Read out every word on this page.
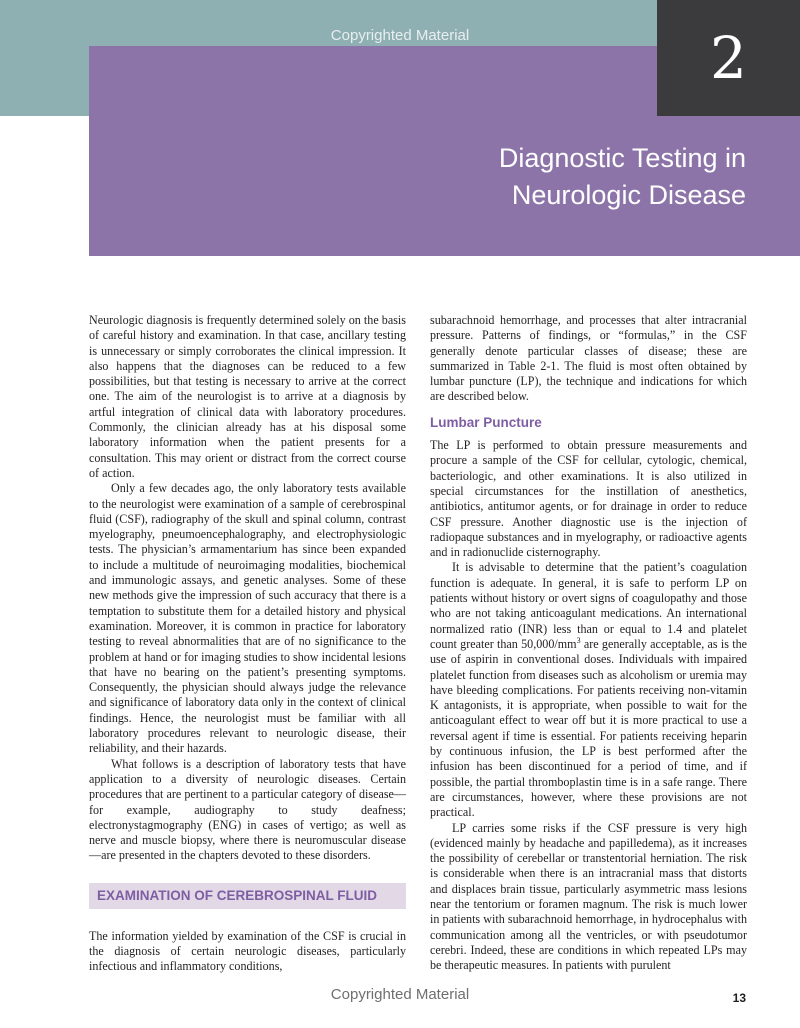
2
Copyrighted Material
Diagnostic Testing in
Neurologic Disease

Neurologic diagnosis is frequently determined solely on the basis of careful history and examination. In that case, ancillary testing is unnecessary or simply corroborates the clinical impression. It also happens that the diagnoses can be reduced to a few possibilities, but that testing is necessary to arrive at the correct one. The aim of the neurologist is to arrive at a diagnosis by artful integration of clinical data with laboratory procedures. Commonly, the clinician already has at his disposal some laboratory information when the patient presents for a consultation. This may orient or distract from the correct course of action.

Only a few decades ago, the only laboratory tests available to the neurologist were examination of a sample of cerebrospinal fluid (CSF), radiography of the skull and spinal column, contrast myelography, pneumoencephalography, and electrophysiologic tests. The physician’s armamentarium has since been expanded to include a multitude of neuroimaging modalities, biochemical and immunologic assays, and genetic analyses. Some of these new methods give the impression of such accuracy that there is a temptation to substitute them for a detailed history and physical examination. Moreover, it is common in practice for laboratory testing to reveal abnormalities that are of no significance to the problem at hand or for imaging studies to show incidental lesions that have no bearing on the patient’s presenting symptoms. Consequently, the physician should always judge the relevance and significance of laboratory data only in the context of clinical findings. Hence, the neurologist must be familiar with all laboratory procedures relevant to neurologic disease, their reliability, and their hazards.

What follows is a description of laboratory tests that have application to a diversity of neurologic diseases. Certain procedures that are pertinent to a particular category of disease—for example, audiography to study deafness; electronystagmography (ENG) in cases of vertigo; as well as nerve and muscle biopsy, where there is neuromuscular disease—are presented in the chapters devoted to these disorders.

EXAMINATION OF CEREBROSPINAL FLUID

The information yielded by examination of the CSF is crucial in the diagnosis of certain neurologic diseases, particularly infectious and inflammatory conditions,

subarachnoid hemorrhage, and processes that alter intracranial pressure. Patterns of findings, or “formulas,” in the CSF generally denote particular classes of disease; these are summarized in Table 2-1. The fluid is most often obtained by lumbar puncture (LP), the technique and indications for which are described below.

Lumbar Puncture

The LP is performed to obtain pressure measurements and procure a sample of the CSF for cellular, cytologic, chemical, bacteriologic, and other examinations. It is also utilized in special circumstances for the instillation of anesthetics, antibiotics, antitumor agents, or for drainage in order to reduce CSF pressure. Another diagnostic use is the injection of radiopaque substances and in myelography, or radioactive agents and in radionuclide cisternography.

It is advisable to determine that the patient’s coagulation function is adequate. In general, it is safe to perform LP on patients without history or overt signs of coagulopathy and those who are not taking anticoagulant medications. An international normalized ratio (INR) less than or equal to 1.4 and platelet count greater than $50,000/mm^3$ are generally acceptable, as is the use of aspirin in conventional doses. Individuals with impaired platelet function from diseases such as alcoholism or uremia may have bleeding complications. For patients receiving non-vitamin K antagonists, it is appropriate, when possible to wait for the anticoagulant effect to wear off but it is more practical to use a reversal agent if time is essential. For patients receiving heparin by continuous infusion, the LP is best performed after the infusion has been discontinued for a period of time, and if possible, the partial thromboplastin time is in a safe range. There are circumstances, however, where these provisions are not practical.

LP carries some risks if the CSF pressure is very high (evidenced mainly by headache and papilledema), as it increases the possibility of cerebellar or transtentorial herniation. The risk is considerable when there is an intracranial mass that distorts and displaces brain tissue, particularly asymmetric mass lesions near the tentorium or foramen magnum. The risk is much lower in patients with subarachnoid hemorrhage, in hydrocephalus with communication among all the ventricles, or with pseudotumor cerebri. Indeed, these are conditions in which repeated LPs may be therapeutic measures. In patients with purulent

Copyrighted Material	13
